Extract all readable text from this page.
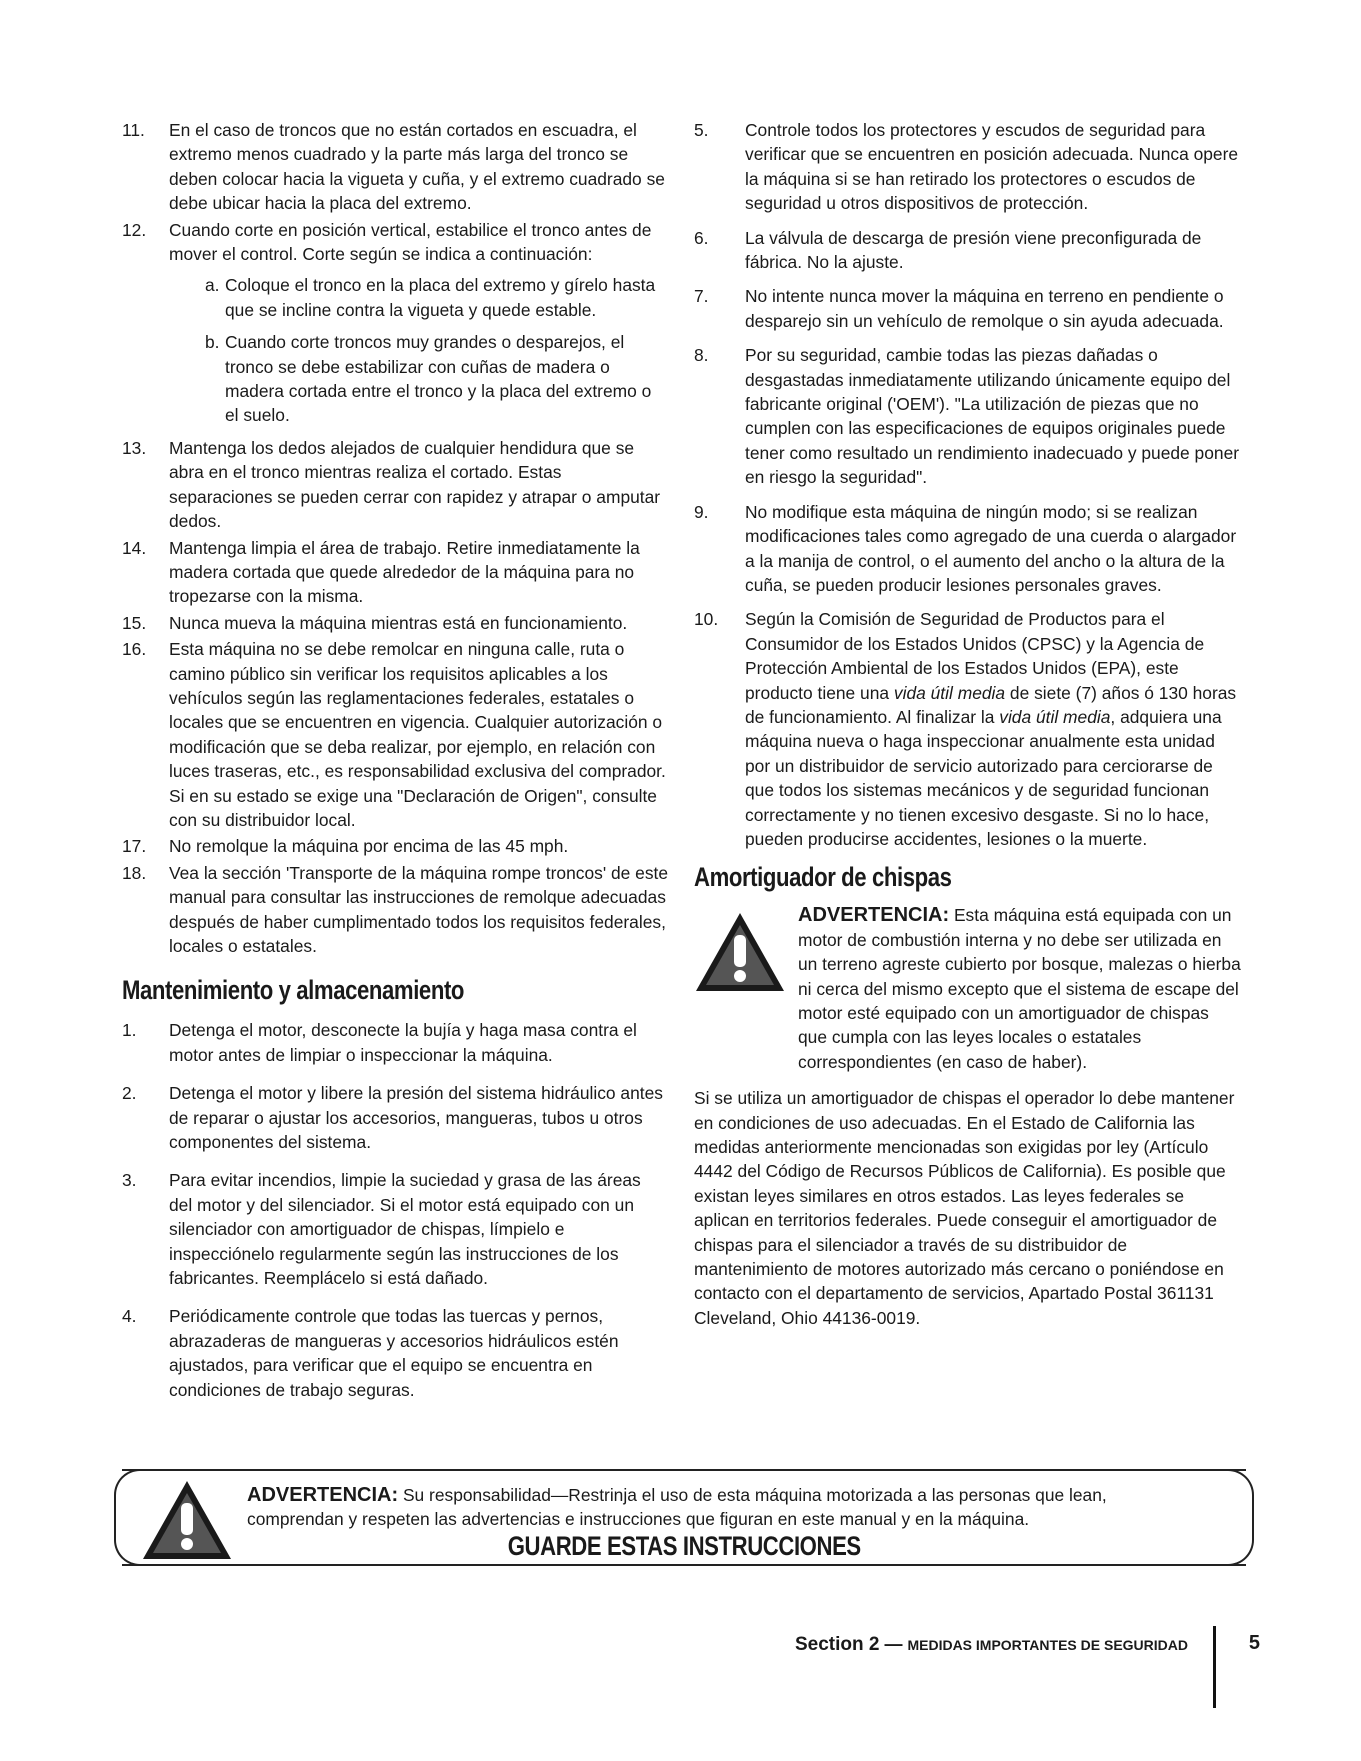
11. En el caso de troncos que no están cortados en escuadra, el extremo menos cuadrado y la parte más larga del tronco se deben colocar hacia la vigueta y cuña, y el extremo cuadrado se debe ubicar hacia la placa del extremo.
12. Cuando corte en posición vertical, estabilice el tronco antes de mover el control. Corte según se indica a continuación:
a. Coloque el tronco en la placa del extremo y gírelo hasta que se incline contra la vigueta y quede estable.
b. Cuando corte troncos muy grandes o desparejos, el tronco se debe estabilizar con cuñas de madera o madera cortada entre el tronco y la placa del extremo o el suelo.
13. Mantenga los dedos alejados de cualquier hendidura que se abra en el tronco mientras realiza el cortado. Estas separaciones se pueden cerrar con rapidez y atrapar o amputar dedos.
14. Mantenga limpia el área de trabajo. Retire inmediatamente la madera cortada que quede alrededor de la máquina para no tropezarse con la misma.
15. Nunca mueva la máquina mientras está en funcionamiento.
16. Esta máquina no se debe remolcar en ninguna calle, ruta o camino público sin verificar los requisitos aplicables a los vehículos según las reglamentaciones federales, estatales o locales que se encuentren en vigencia. Cualquier autorización o modificación que se deba realizar, por ejemplo, en relación con luces traseras, etc., es responsabilidad exclusiva del comprador. Si en su estado se exige una "Declaración de Origen", consulte con su distribuidor local.
17. No remolque la máquina por encima de las 45 mph.
18. Vea la sección 'Transporte de la máquina rompe troncos' de este manual para consultar las instrucciones de remolque adecuadas después de haber cumplimentado todos los requisitos federales, locales o estatales.
Mantenimiento y almacenamiento
1. Detenga el motor, desconecte la bujía y haga masa contra el motor antes de limpiar o inspeccionar la máquina.
2. Detenga el motor y libere la presión del sistema hidráulico antes de reparar o ajustar los accesorios, mangueras, tubos u otros componentes del sistema.
3. Para evitar incendios, limpie la suciedad y grasa de las áreas del motor y del silenciador. Si el motor está equipado con un silenciador con amortiguador de chispas, límpielo e inspecciónelo regularmente según las instrucciones de los fabricantes. Reemplácelo si está dañado.
4. Periódicamente controle que todas las tuercas y pernos, abrazaderas de mangueras y accesorios hidráulicos estén ajustados, para verificar que el equipo se encuentra en condiciones de trabajo seguras.
5. Controle todos los protectores y escudos de seguridad para verificar que se encuentren en posición adecuada. Nunca opere la máquina si se han retirado los protectores o escudos de seguridad u otros dispositivos de protección.
6. La válvula de descarga de presión viene preconfigurada de fábrica. No la ajuste.
7. No intente nunca mover la máquina en terreno en pendiente o desparejo sin un vehículo de remolque o sin ayuda adecuada.
8. Por su seguridad, cambie todas las piezas dañadas o desgastadas inmediatamente utilizando únicamente equipo del fabricante original ('OEM'). "La utilización de piezas que no cumplen con las especificaciones de equipos originales puede tener como resultado un rendimiento inadecuado y puede poner en riesgo la seguridad".
9. No modifique esta máquina de ningún modo; si se realizan modificaciones tales como agregado de una cuerda o alargador a la manija de control, o el aumento del ancho o la altura de la cuña, se pueden producir lesiones personales graves.
10. Según la Comisión de Seguridad de Productos para el Consumidor de los Estados Unidos (CPSC) y la Agencia de Protección Ambiental de los Estados Unidos (EPA), este producto tiene una vida útil media de siete (7) años ó 130 horas de funcionamiento. Al finalizar la vida útil media, adquiera una máquina nueva o haga inspeccionar anualmente esta unidad por un distribuidor de servicio autorizado para cerciorarse de que todos los sistemas mecánicos y de seguridad funcionan correctamente y no tienen excesivo desgaste. Si no lo hace, pueden producirse accidentes, lesiones o la muerte.
Amortiguador de chispas
ADVERTENCIA: Esta máquina está equipada con un motor de combustión interna y no debe ser utilizada en un terreno agreste cubierto por bosque, malezas o hierba ni cerca del mismo excepto que el sistema de escape del motor esté equipado con un amortiguador de chispas que cumpla con las leyes locales o estatales correspondientes (en caso de haber).
Si se utiliza un amortiguador de chispas el operador lo debe mantener en condiciones de uso adecuadas. En el Estado de California las medidas anteriormente mencionadas son exigidas por ley (Artículo 4442 del Código de Recursos Públicos de California). Es posible que existan leyes similares en otros estados. Las leyes federales se aplican en territorios federales. Puede conseguir el amortiguador de chispas para el silenciador a través de su distribuidor de mantenimiento de motores autorizado más cercano o poniéndose en contacto con el departamento de servicios, Apartado Postal 361131 Cleveland, Ohio 44136-0019.
ADVERTENCIA: Su responsabilidad—Restrinja el uso de esta máquina motorizada a las personas que lean, comprendan y respeten las advertencias e instrucciones que figuran en este manual y en la máquina.
GUARDE ESTAS INSTRUCCIONES
Section 2 — MEDIDAS IMPORTANTES DE SEGURIDAD	5
